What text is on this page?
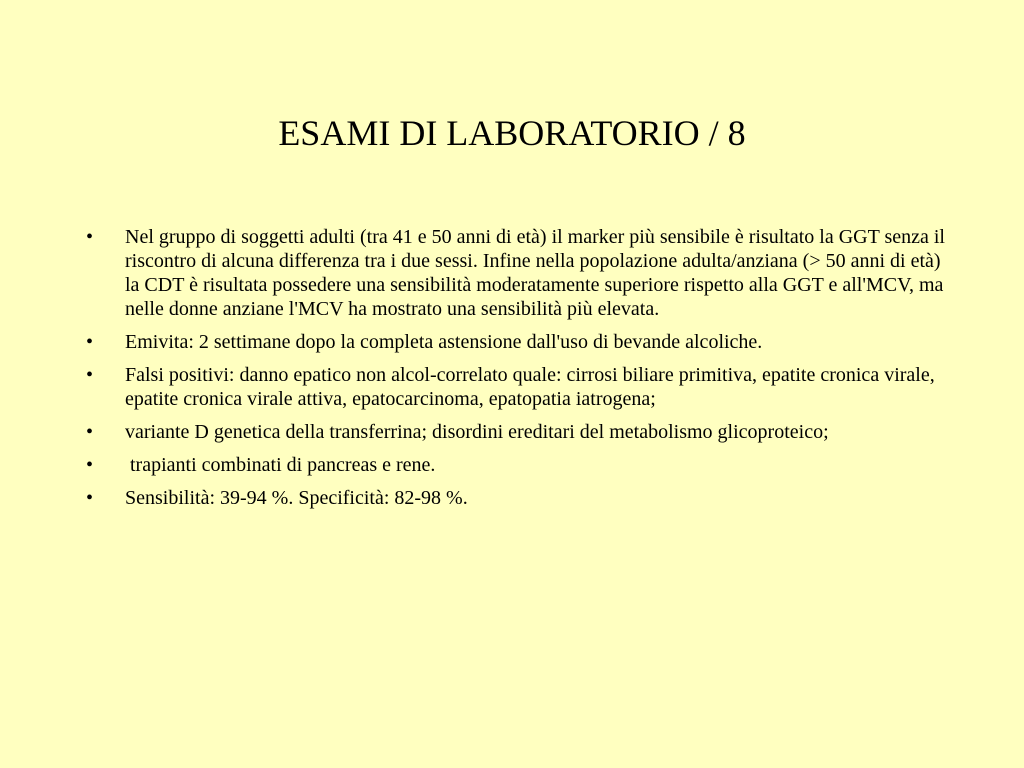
ESAMI DI LABORATORIO / 8
•	Nel gruppo di soggetti adulti (tra 41 e 50 anni di età) il marker più sensibile è risultato la GGT senza il riscontro di alcuna differenza tra i due sessi. Infine nella popolazione adulta/anziana (> 50 anni di età) la CDT è risultata possedere una sensibilità moderatamente superiore rispetto alla GGT e all'MCV, ma nelle donne anziane l'MCV ha mostrato una sensibilità più elevata.
•	Emivita: 2 settimane dopo la completa astensione dall'uso di bevande alcoliche.
•	Falsi positivi: danno epatico non alcol-correlato quale: cirrosi biliare primitiva, epatite cronica virale, epatite cronica virale attiva, epatocarcinoma, epatopatia iatrogena;
•	variante D genetica della transferrina; disordini ereditari del metabolismo glicoproteico;
•	trapianti combinati di pancreas e rene.
•	Sensibilità: 39-94 %. Specificità: 82-98 %.
